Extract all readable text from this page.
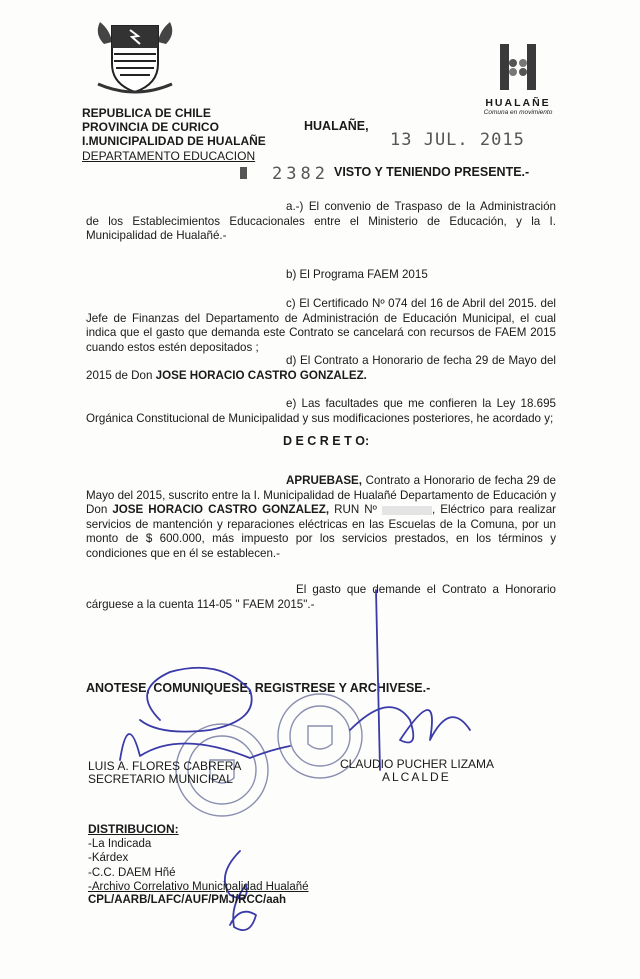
HUALAÑE
Comuna en movimiento
REPUBLICA DE CHILE
PROVINCIA DE CURICO
I.MUNICIPALIDAD DE HUALAÑE
DEPARTAMENTO EDUCACION
HUALAÑE,
13 JUL. 2015
2382 VISTO Y TENIENDO PRESENTE.-
a.-) El convenio de Traspaso de la Administración de los Establecimientos Educacionales entre el Ministerio de Educación, y la I. Municipalidad de Hualañé.-
b) El Programa FAEM 2015
c) El Certificado Nº 074 del 16 de Abril del 2015. del Jefe de Finanzas del Departamento de Administración de Educación Municipal, el cual indica que el gasto que demanda este Contrato se cancelará con recursos de FAEM 2015 cuando estos estén depositados ;
d) El Contrato a Honorario de fecha 29 de Mayo del 2015 de Don JOSE HORACIO CASTRO GONZALEZ.
e) Las facultades que me confieren la Ley 18.695 Orgánica Constitucional de Municipalidad y sus modificaciones posteriores, he acordado y;
D E C R E T O:
APRUEBASE, Contrato a Honorario de fecha 29 de Mayo del 2015, suscrito entre la I. Municipalidad de Hualañé Departamento de Educación y Don JOSE HORACIO CASTRO GONZALEZ, RUN Nº	, Eléctrico para realizar servicios de mantención y reparaciones eléctricas en las Escuelas de la Comuna, por un monto de $ 600.000, más impuesto por los servicios prestados, en los términos y condiciones que en él se establecen.-
El gasto que demande el Contrato a Honorario cárguese a la cuenta 114-05 " FAEM 2015".-
ANOTESE, COMUNIQUESE, REGISTRESE Y ARCHIVESE.-
LUIS A. FLORES CABRERA
SECRETARIO MUNICIPAL
CLAUDIO PUCHER LIZAMA
ALCALDE
DISTRIBUCION:
-La Indicada
-Kárdex
-C.C. DAEM Hñé
-Archivo Correlativo Municipalidad Hualañé
CPL/AARB/LAFC/AUF/PMJ/RCC/aah
